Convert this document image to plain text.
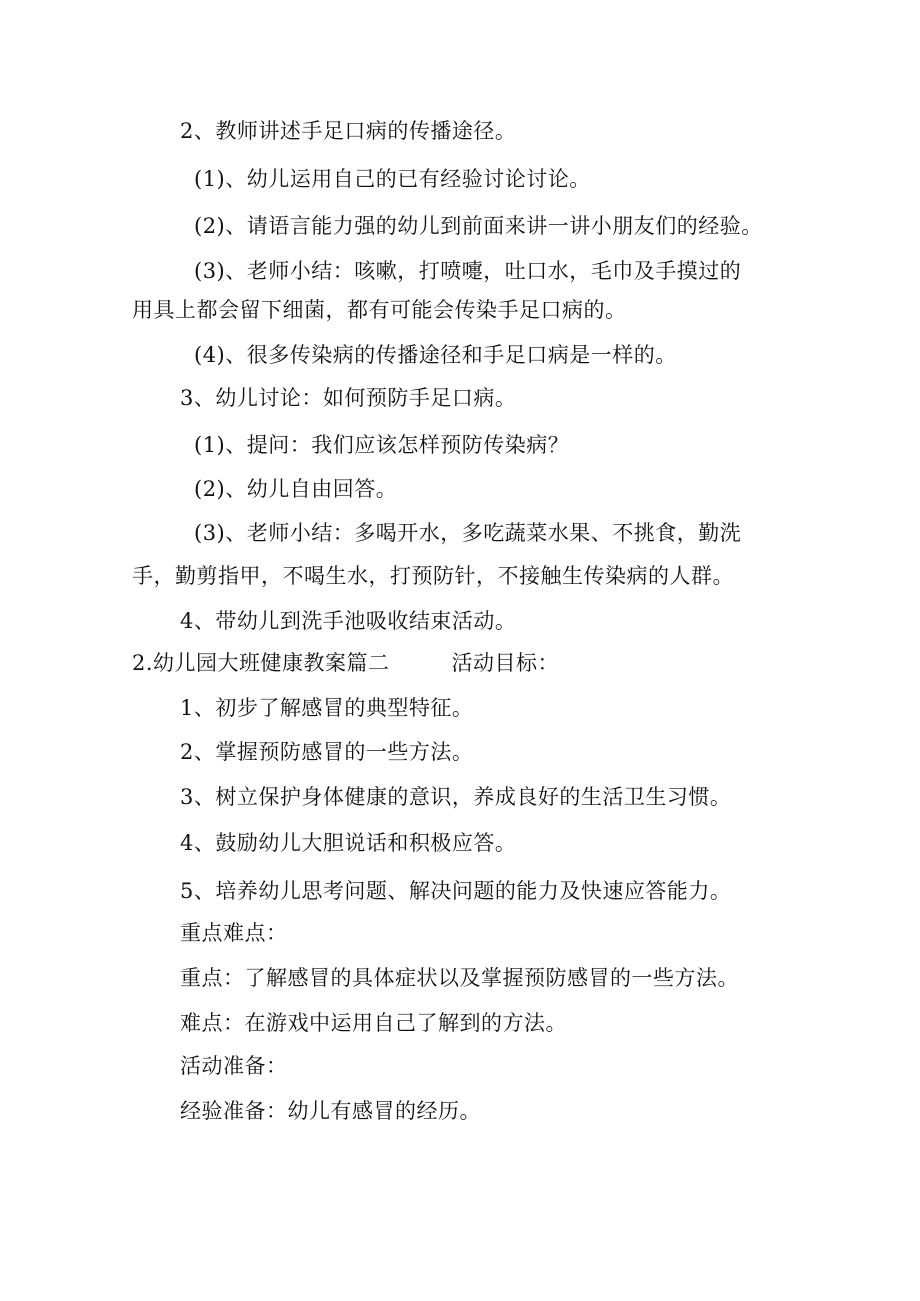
2、教师讲述手足口病的传播途径。
(1)、幼儿运用自己的已有经验讨论讨论。
(2)、请语言能力强的幼儿到前面来讲一讲小朋友们的经验。
(3)、老师小结：咳嗽，打喷嚏，吐口水，毛巾及手摸过的
用具上都会留下细菌，都有可能会传染手足口病的。
(4)、很多传染病的传播途径和手足口病是一样的。
3、幼儿讨论：如何预防手足口病。
(1)、提问：我们应该怎样预防传染病？
(2)、幼儿自由回答。
(3)、老师小结：多喝开水，多吃蔬菜水果、不挑食，勤洗
手，勤剪指甲，不喝生水，打预防针，不接触生传染病的人群。
4、带幼儿到洗手池吸收结束活动。
2.幼儿园大班健康教案篇二	活动目标：
1、初步了解感冒的典型特征。
2、掌握预防感冒的一些方法。
3、树立保护身体健康的意识，养成良好的生活卫生习惯。
4、鼓励幼儿大胆说话和积极应答。
5、培养幼儿思考问题、解决问题的能力及快速应答能力。
重点难点：
重点：了解感冒的具体症状以及掌握预防感冒的一些方法。
难点：在游戏中运用自己了解到的方法。
活动准备：
经验准备：幼儿有感冒的经历。
